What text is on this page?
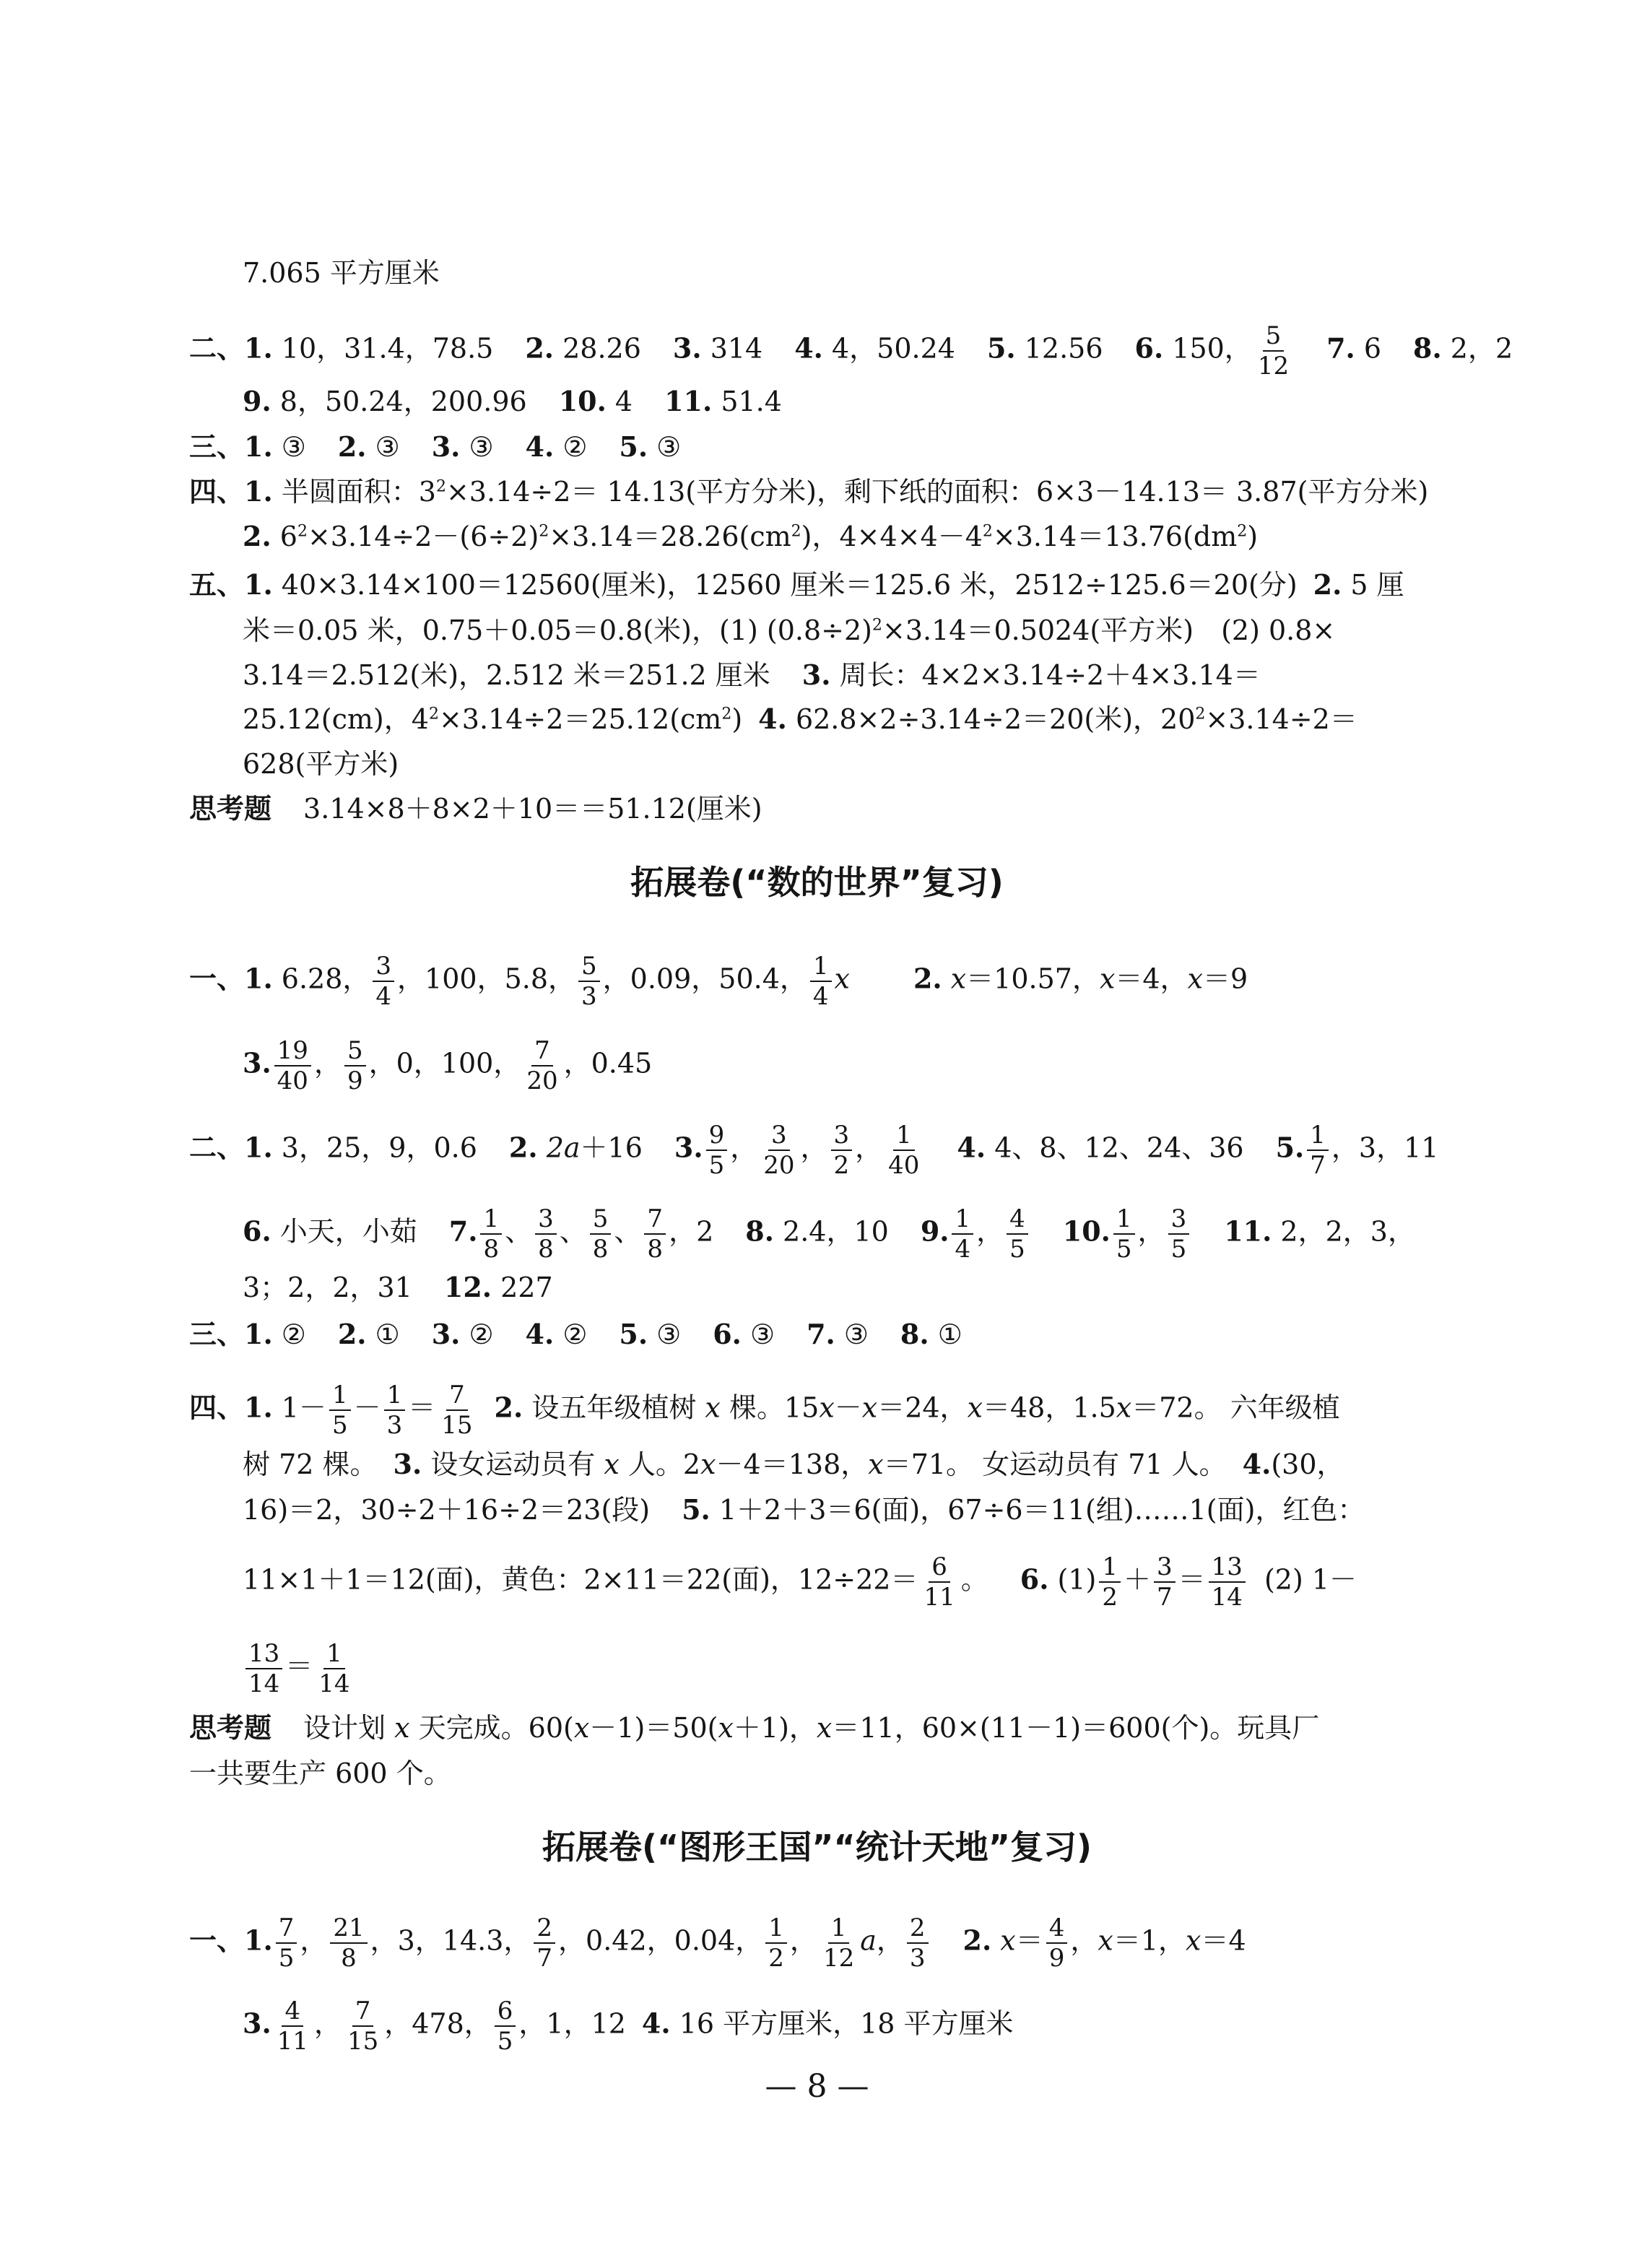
7.065 平方厘米
二、1. 10，31.4，78.5 2. 28.26 3. 314 4. 4，50.24 5. 12.56 6. 150， $\frac{5}{12} 7$. 6 8. 2，2
9. 8，50.24，200.96 10. 4 11. 51.4
三、1. ③ 2. ③ 3. ③ 4. ② 5. ③
四、1. 半圆面积：$3^2\times 3.14\div 2= 14.13$(平方分米)，剩下纸的面积：6×3－14.13＝ 3.87(平方分米)
2. $6^2\times 3.14\div 2-(6\div 2)^2\times 3.14=28.26(cm^2)$，$4\times 4\times 4-4^2\times 3.14=13.76(dm^2)$
五、1. 40×3.14×100＝12560(厘米)，12560 厘米＝125.6 米，2512÷125.6＝20(分) 2. 5 厘
米＝0.05 米，0.75＋0.05＝0.8(米)，(1) $(0.8\div 2)^2\times 3.14=0.5024$(平方米)　(2) 0.8×
3.14＝2.512(米)，2.512 米＝251.2 厘米 3. 周长：4×2×3.14÷2＋4×3.14＝
25.12(cm)，$4^2\times 3.14\div 2=25.12(cm^2)$ 4. 62.8×2÷3.14÷2＝20(米)，$20^2\times 3.14\div 2=$
628(平方米)
思考题 3.14×8＋8×2＋10＝＝51.12(厘米)
拓展卷(“数的世界”复习)
一、1. 6.28， $\frac{3}{4}$ ，100，5.8， $\frac{5}{3}$ ，0.09，50.4， $\frac{1}{4}$ x 2. x＝10.57，x＝4，x＝9
3. $\frac{19}{40}$ ， $\frac{5}{9}$ ，0，100， $\frac{7}{20}$ ，0.45
二、1. 3，25，9，0.6 2. 2a＋16 3. $\frac{9}{5}$ ， $\frac{3}{20}$ ， $\frac{3}{2}$ ， $\frac{1}{40} 4$. 4、8、12、24、36 5. $\frac{1}{7}$ ，3，11
6. 小天，小茹 7. $\frac{1}{8}$ 、 $\frac{3}{8}$ 、 $\frac{5}{8}$ 、 $\frac{7}{8}$ ，2 8. 2.4，10 9. $\frac{1}{4}$ ， $\frac{4}{5} 10$. $\frac{1}{5}$ ， $\frac{3}{5} 11$. 2，2，3，
3；2，2，31 12. 227
三、1. ② 2. ① 3. ② 4. ② 5. ③ 6. ③ 7. ③ 8. ①
四、1. $1- \frac{1}{5} - \frac{1}{3} = \frac{7}{15} 2$. 设五年级植树 x 棵。15x－x＝24，x＝48，1.5x＝72。 六年级植
树 72 棵。 3. 设女运动员有 x 人。2x－4＝138，x＝71。 女运动员有 71 人。 4.(30，
16)＝2，30÷2＋16÷2＝23(段) 5. 1＋2＋3＝6(面)，67÷6＝11(组)……1(面)，红色：
11×1＋1＝12(面)，黄色：2×11＝22(面)，$12\div 22= \frac{6}{11}$ 。 6. $(1) \frac{1}{2} + \frac{3}{7} = \frac{13}{14} (2)$ 1－
$\frac{13}{14} = \frac{1}{14}$
思考题 设计划 x 天完成。60(x－1)＝50(x＋1)，x＝11，60×(11－1)＝600(个)。玩具厂
一共要生产 600 个。
拓展卷(“图形王国”“统计天地”复习)
一、1. $\frac{7}{5}$ ， $\frac{21}{8}$ ，3，14.3， $\frac{2}{7}$ ，0.42，0.04， $\frac{1}{2}$ ， $\frac{1}{12}$ a， $\frac{2}{3} 2$. $x= \frac{4}{9}$ ，x＝1，x＝4
3. $\frac{4}{11}$ ， $\frac{7}{15}$ ，478， $\frac{6}{5}$ ，1，12 4. 16 平方厘米，18 平方厘米
— 8 —
